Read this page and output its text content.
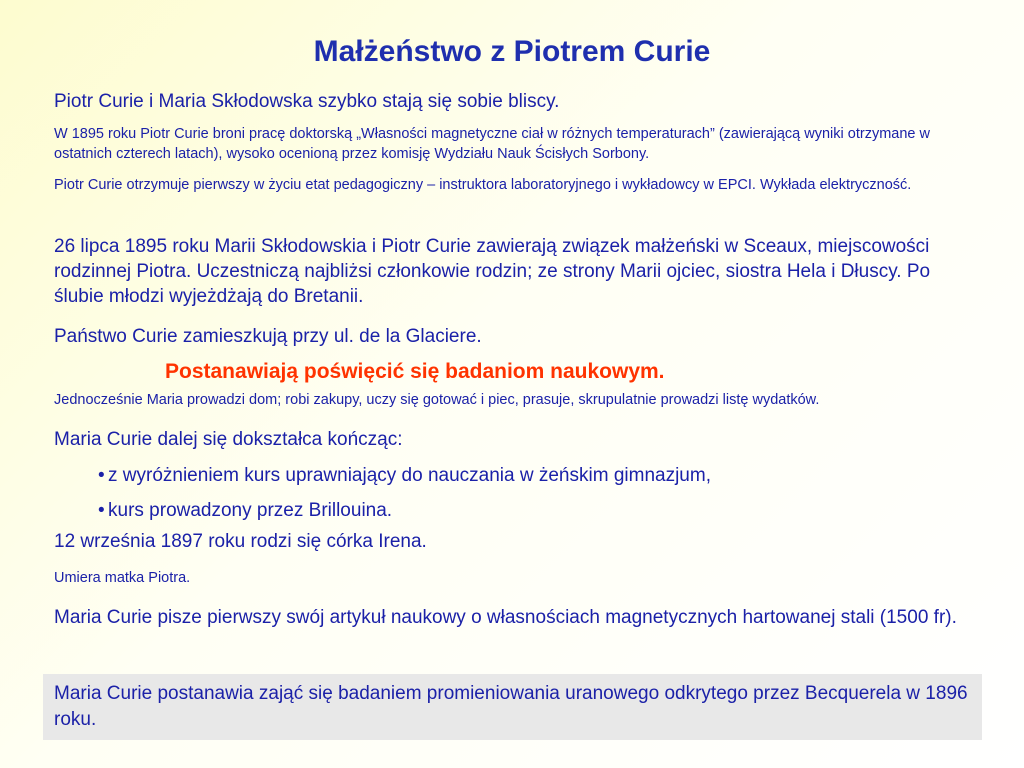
Małżeństwo z Piotrem Curie

Piotr Curie i Maria Skłodowska szybko stają się sobie bliscy.

W 1895 roku Piotr Curie broni pracę doktorską „Własności magnetyczne ciał w różnych temperaturach” (zawierającą wyniki otrzymane w ostatnich czterech latach), wysoko ocenioną przez komisję Wydziału Nauk Ścisłych Sorbony.

Piotr Curie otrzymuje pierwszy w życiu etat pedagogiczny – instruktora laboratoryjnego i wykładowcy w EPCI. Wykłada elektryczność.

26 lipca 1895 roku Marii Skłodowskia i Piotr Curie zawierają związek małżeński w Sceaux, miejscowości rodzinnej Piotra. Uczestniczą najbliżsi członkowie rodzin; ze strony Marii ojciec, siostra Hela i Dłuscy. Po ślubie młodzi wyjeżdżają do Bretanii.

Państwo Curie zamieszkują przy ul. de la Glaciere.

Postanawiają poświęcić się badaniom naukowym.

Jednocześnie Maria prowadzi dom; robi zakupy, uczy się gotować i piec, prasuje, skrupulatnie prowadzi listę wydatków.

Maria Curie dalej się dokształca kończąc:

• z wyróżnieniem kurs uprawniający do nauczania w żeńskim gimnazjum,
• kurs prowadzony przez Brillouina.

12 września 1897 roku rodzi się córka Irena.

Umiera matka Piotra.

Maria Curie pisze pierwszy swój artykuł naukowy o własnościach magnetycznych hartowanej stali (1500 fr).

Maria Curie postanawia zająć się badaniem promieniowania uranowego odkrytego przez Becquerela w 1896 roku.
